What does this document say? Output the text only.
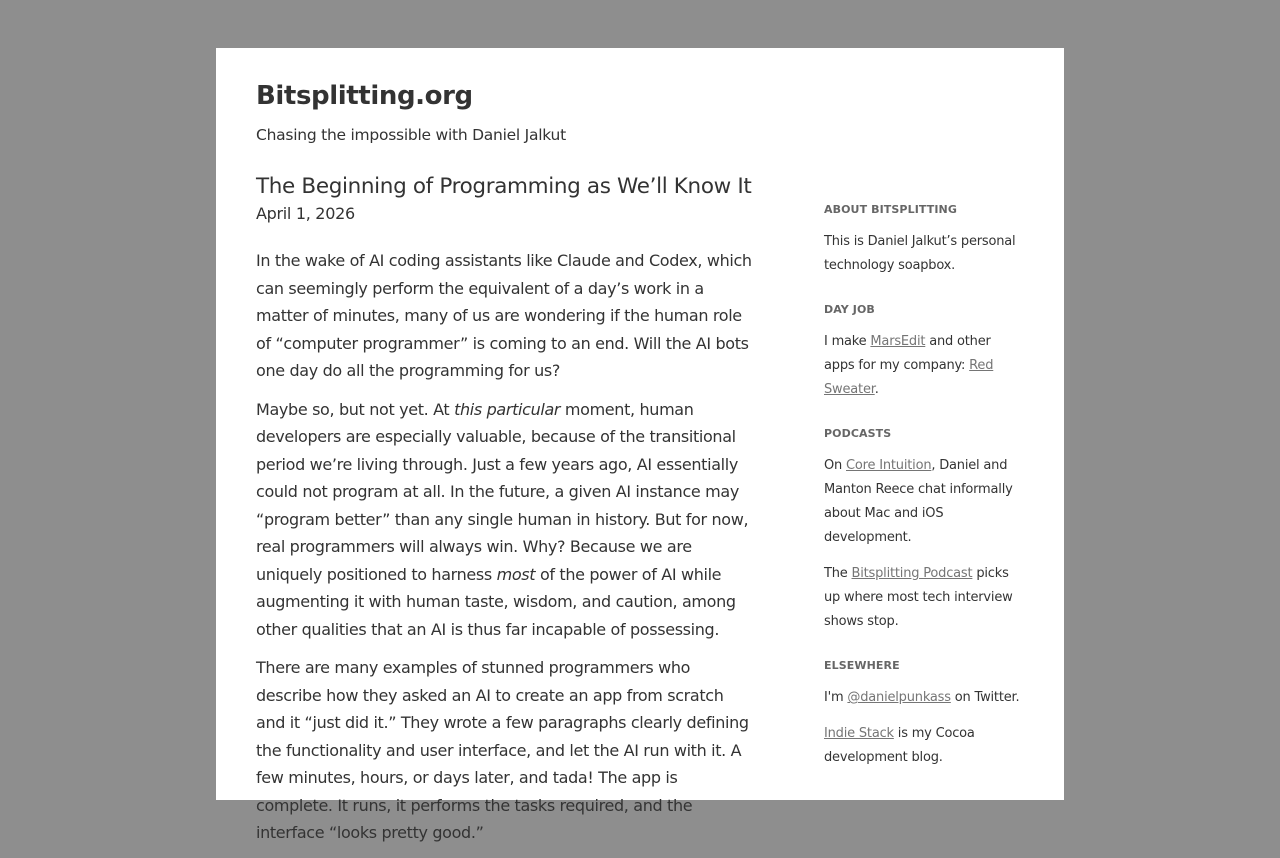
Bitsplitting.org

Chasing the impossible with Daniel Jalkut

The Beginning of Programming as We’ll Know It

April 1, 2026

In the wake of AI coding assistants like Claude and Codex, which can seemingly perform the equivalent of a day’s work in a matter of minutes, many of us are wondering if the human role of “computer programmer” is coming to an end. Will the AI bots one day do all the programming for us?

Maybe so, but not yet. At this particular moment, human developers are especially valuable, because of the transitional period we’re living through. Just a few years ago, AI essentially could not program at all. In the future, a given AI instance may “program better” than any single human in history. But for now, real programmers will always win. Why? Because we are uniquely positioned to harness most of the power of AI while augmenting it with human taste, wisdom, and caution, among other qualities that an AI is thus far incapable of possessing.

There are many examples of stunned programmers who describe how they asked an AI to create an app from scratch and it “just did it.” They wrote a few paragraphs clearly defining the functionality and user interface, and let the AI run with it. A few minutes, hours, or days later, and tada! The app is complete. It runs, it performs the tasks required, and the interface “looks pretty good.”

ABOUT BITSPLITTING

This is Daniel Jalkut’s personal technology soapbox.

DAY JOB

I make MarsEdit and other apps for my company: Red Sweater.

PODCASTS

On Core Intuition, Daniel and Manton Reece chat informally about Mac and iOS development.

The Bitsplitting Podcast picks up where most tech interview shows stop.

ELSEWHERE

I'm @danielpunkass on Twitter.

Indie Stack is my Cocoa development blog.
